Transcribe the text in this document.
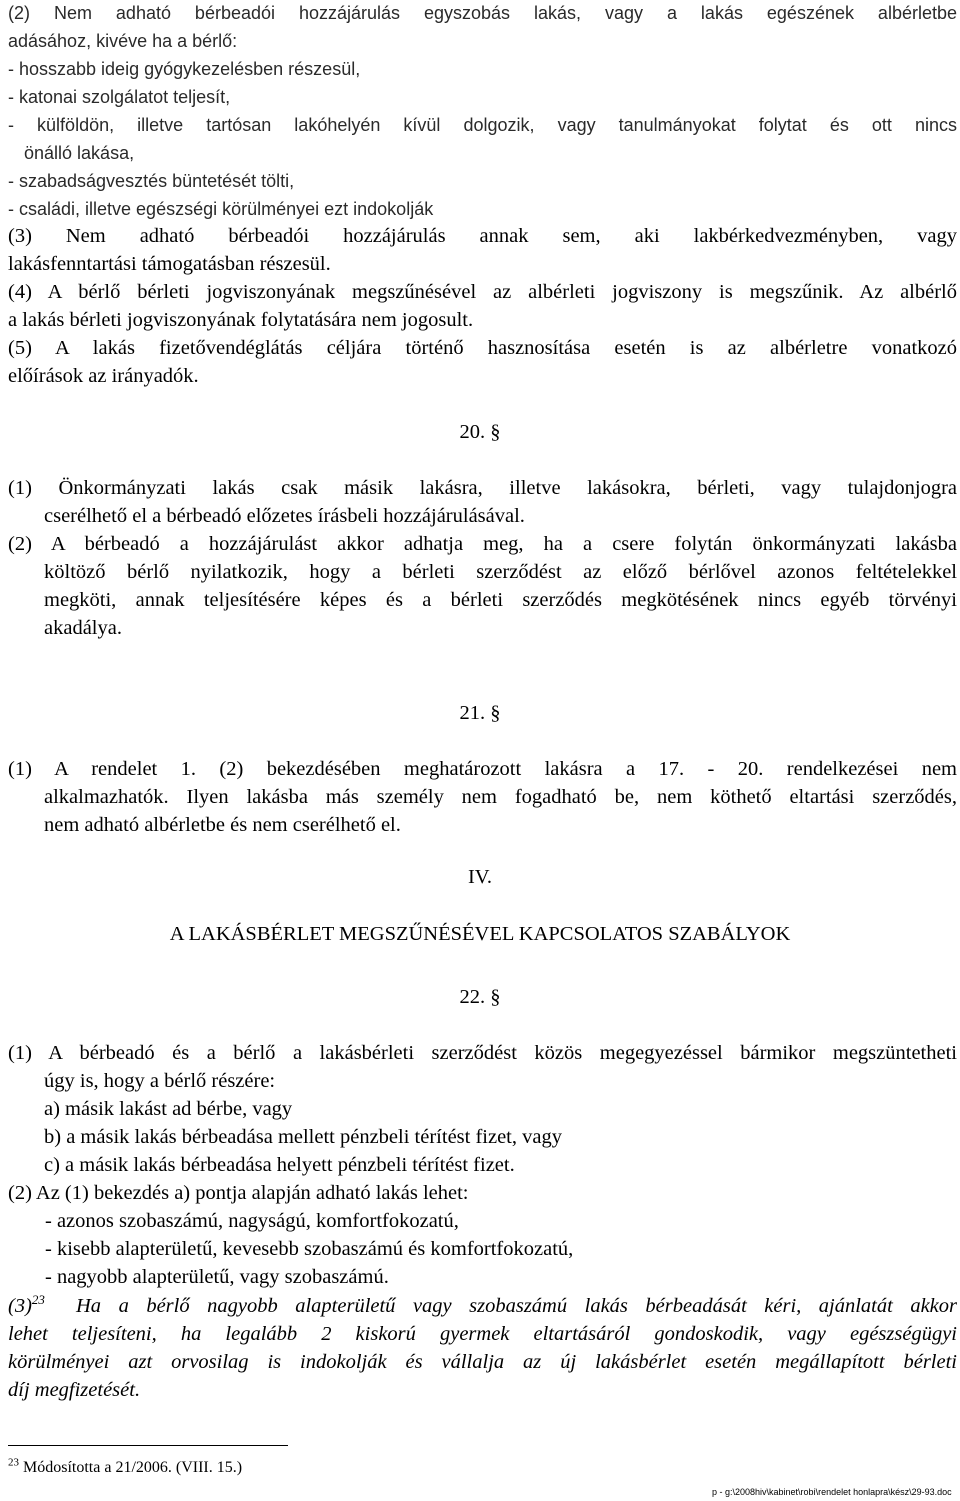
(2) Nem adható bérbeadói hozzájárulás egyszobás lakás, vagy a lakás egészének albérletbe
adásához, kivéve ha a bérlő:
- hosszabb ideig gyógykezelésben részesül,
- katonai szolgálatot teljesít,
- külföldön, illetve tartósan lakóhelyén kívül dolgozik, vagy tanulmányokat folytat és ott nincs
önálló lakása,
- szabadságvesztés büntetését tölti,
- családi, illetve egészségi körülményei ezt indokolják
(3) Nem adható bérbeadói hozzájárulás annak sem, aki lakbérkedvezményben, vagy
lakásfenntartási támogatásban részesül.
(4) A bérlő bérleti jogviszonyának megszűnésével az albérleti jogviszony is megszűnik. Az albérlő
a lakás bérleti jogviszonyának folytatására nem jogosult.
(5) A lakás fizetővendéglátás céljára történő hasznosítása esetén is az albérletre vonatkozó
előírások az irányadók.
20. §
(1) Önkormányzati lakás csak másik lakásra, illetve lakásokra, bérleti, vagy tulajdonjogra
cserélhető el a bérbeadó előzetes írásbeli hozzájárulásával.
(2) A bérbeadó a hozzájárulást akkor adhatja meg, ha a csere folytán önkormányzati lakásba
költöző bérlő nyilatkozik, hogy a bérleti szerződést az előző bérlővel azonos feltételekkel
megköti, annak teljesítésére képes és a bérleti szerződés megkötésének nincs egyéb törvényi
akadálya.
21. §
(1) A rendelet 1. (2) bekezdésében meghatározott lakásra a 17. - 20. rendelkezései nem
alkalmazhatók. Ilyen lakásba más személy nem fogadható be, nem köthető eltartási szerződés,
nem adható albérletbe és nem cserélhető el.
IV.
A LAKÁSBÉRLET MEGSZŰNÉSÉVEL KAPCSOLATOS SZABÁLYOK
22. §
(1) A bérbeadó és a bérlő a lakásbérleti szerződést közös megegyezéssel bármikor megszüntetheti
úgy is, hogy a bérlő részére:
a) másik lakást ad bérbe, vagy
b) a másik lakás bérbeadása mellett pénzbeli térítést fizet, vagy
c) a másik lakás bérbeadása helyett pénzbeli térítést fizet.
(2) Az (1) bekezdés a) pontja alapján adható lakás lehet:
- azonos szobaszámú, nagyságú, komfortfokozatú,
- kisebb alapterületű, kevesebb szobaszámú és komfortfokozatú,
- nagyobb alapterületű, vagy szobaszámú.
(3)$^{23}$ Ha a bérlő nagyobb alapterületű vagy szobaszámú lakás bérbeadását kéri, ajánlatát akkor
lehet teljesíteni, ha legalább 2 kiskorú gyermek eltartásáról gondoskodik, vagy egészségügyi
körülményei azt orvosilag is indokolják és vállalja az új lakásbérlet esetén megállapított bérleti
díj megfizetését.
$^{23}$ Módosította a 21/2006. (VIII. 15.)
p - g:\2008hiv\kabinet\robi\rendelet honlapra\kész\29-93.doc
